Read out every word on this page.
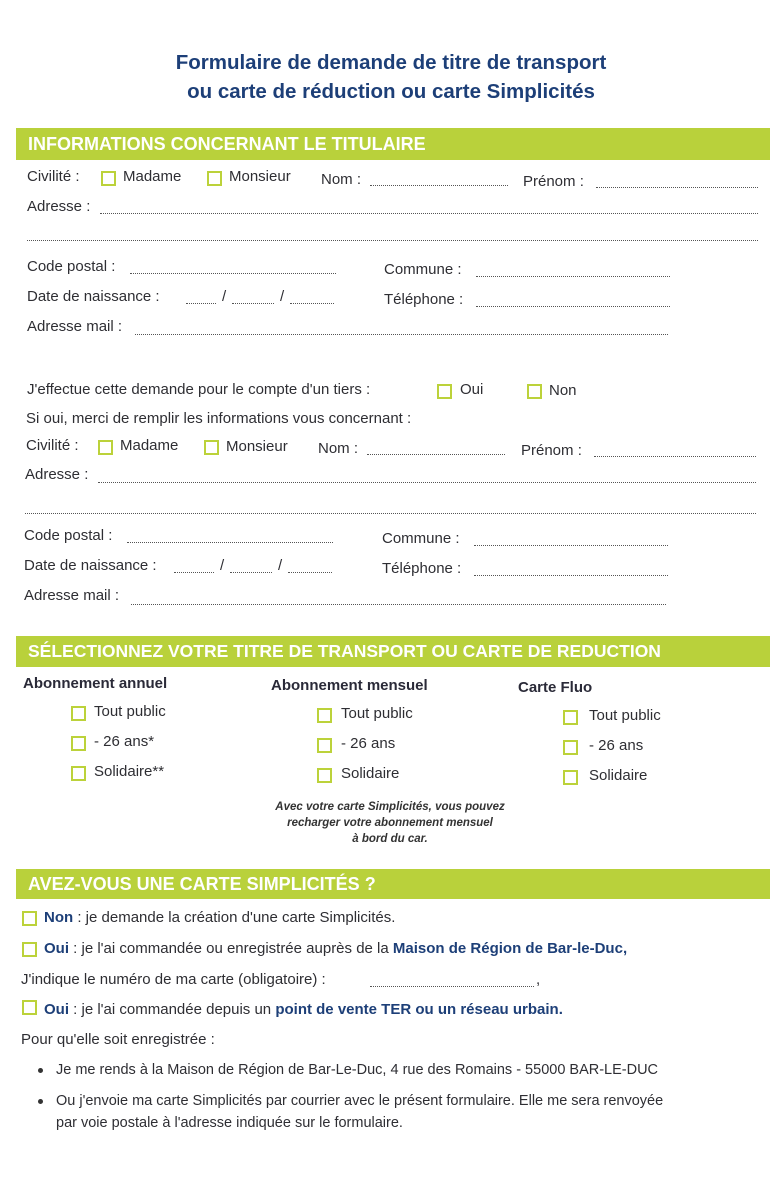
Formulaire de demande de titre de transport
ou carte de réduction ou carte Simplicités
INFORMATIONS CONCERNANT LE TITULAIRE
Civilité :	Madame	Monsieur Nom :	Prénom :
Adresse :
Code postal :	Commune :
Date de naissance :	/	/	Téléphone :
Adresse mail :
J'effectue cette demande pour le compte d'un tiers :	Oui	Non
Si oui, merci de remplir les informations vous concernant :
Civilité :	Madame	Monsieur Nom :	Prénom :
Adresse :
Code postal :	Commune :
Date de naissance :	/	/	Téléphone :
Adresse mail :
SÉLECTIONNEZ VOTRE TITRE DE TRANSPORT OU CARTE DE REDUCTION
Abonnement annuel
Tout public
- 26 ans*
Solidaire**
Abonnement mensuel
Tout public
- 26 ans
Solidaire
Carte Fluo
Tout public
- 26 ans
Solidaire
Avec votre carte Simplicités, vous pouvez
recharger votre abonnement mensuel
à bord du car.
AVEZ-VOUS UNE CARTE SIMPLICITÉS ?
Non : je demande la création d'une carte Simplicités.
Oui : je l'ai commandée ou enregistrée auprès de la Maison de Région de Bar-le-Duc,
J'indique le numéro de ma carte (obligatoire) :	,
Oui : je l'ai commandée depuis un point de vente TER ou un réseau urbain.
Pour qu'elle soit enregistrée :
Je me rends à la Maison de Région de Bar-Le-Duc, 4 rue des Romains - 55000 BAR-LE-DUC
Ou j'envoie ma carte Simplicités par courrier avec le présent formulaire. Elle me sera renvoyée
par voie postale à l'adresse indiquée sur le formulaire.
